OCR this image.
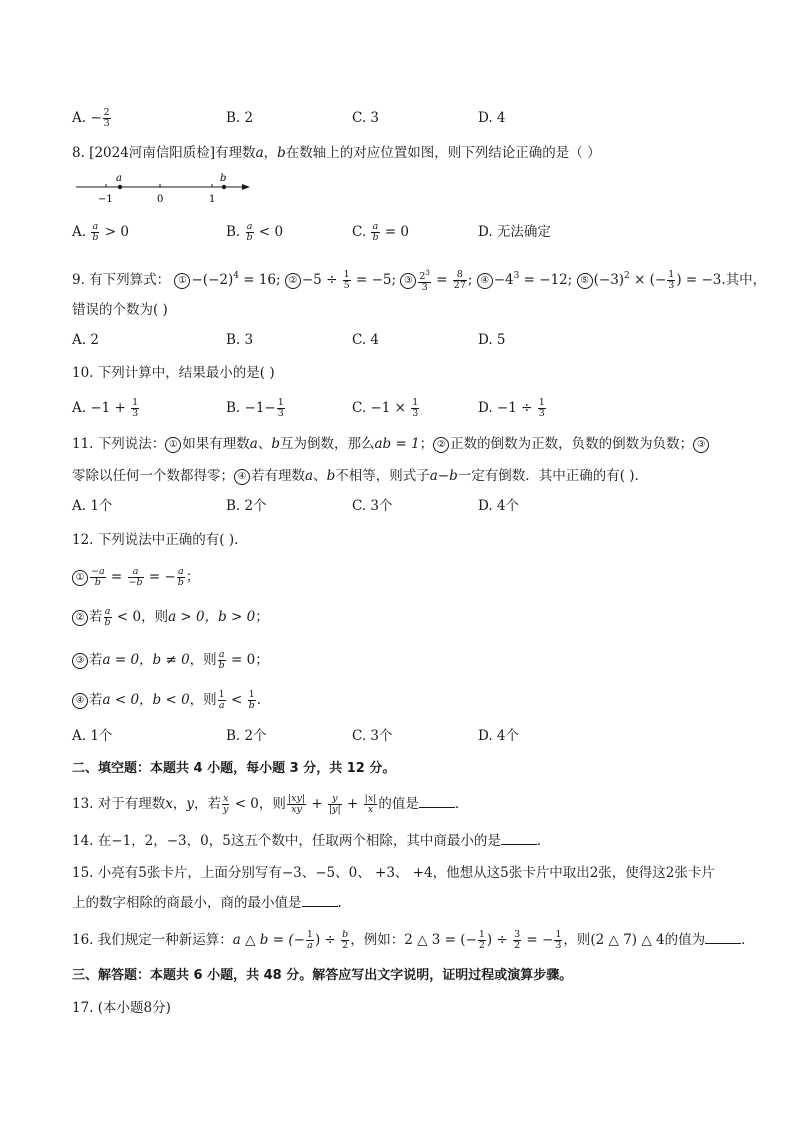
A. − $\frac{2}{3}$	B. 2	C. 3	D. 4
8. [2024河南信阳质检]有理数a，b在数轴上的对应位置如图，则下列结论正确的是（ ）
a	b
−1	0	1
A. $\frac{a}{b} > 0$	B. $\frac{a}{b} < 0$	C. $\frac{a}{b} = 0$	D. 无法确定
9. 有下列算式： ① $-(-2)^4 = 16$; ② $-5 \div \frac{1}{5} = -5$; ③ $\frac{2^3}{3} = \frac{8}{27}$ ; ④ $-4^3 = -12$; ⑤ $(-3)^2$ × (− $\frac{1}{3}$ ) = −3.其中，
错误的个数为( )
A. 2	B. 3	C. 4	D. 5
10. 下列计算中，结果最小的是( )
A. $-1 + \frac{1}{3}$	B. $-1- \frac{1}{3}$	C. $-1 \times \frac{1}{3}$	D. $-1 \div \frac{1}{3}$
11. 下列说法： ① 如果有理数a、b互为倒数，那么ab = 1； ② 正数的倒数为正数，负数的倒数为负数； ③
零除以任何一个数都得零； ④ 若有理数a、b不相等，则式子a−b一定有倒数．其中正确的有( ).
A. 1个	B. 2个	C. 3个	D. 4个
12. 下列说法中正确的有( ).
① $\frac{-a}{b} = \frac{a}{-b}$ = − $\frac{a}{b}$ ；
② 若 $\frac{a}{b} < 0$，则a > 0，b > 0；
③ 若a = 0，b ≠ 0，则 $\frac{a}{b} = 0$；
④ 若a < 0，b < 0，则 $\frac{1}{a} < \frac{1}{b}$ .
A. 1个	B. 2个	C. 3个	D. 4个
二、填空题：本题共 4 小题，每小题 3 分，共 12 分。
13. 对于有理数x，y，若 $\frac{x}{y} < 0$，则 $\frac{|xy|}{xy} + \frac{y}{|y|} + \frac{|x|}{x}$ 的值是	．
14. 在−1，2，−3，0，5这五个数中，任取两个相除，其中商最小的是	．
15. 小亮有5张卡片，上面分别写有−3、−5、0、 +3、 +4，他想从这5张卡片中取出2张，使得这2张卡片
上的数字相除的商最小，商的最小值是	.
16. 我们规定一种新运算：a △ b = (− $\frac{1}{a}$ ) ÷ $\frac{b}{2}$ ，例如：2 △ 3 = (− $\frac{1}{2}$ ) ÷ $\frac{3}{2}$ = − $\frac{1}{3}$ ，则(2 △ 7) △ 4的值为	．
三、解答题：本题共 6 小题，共 48 分。解答应写出文字说明，证明过程或演算步骤。
17. (本小题8分)
